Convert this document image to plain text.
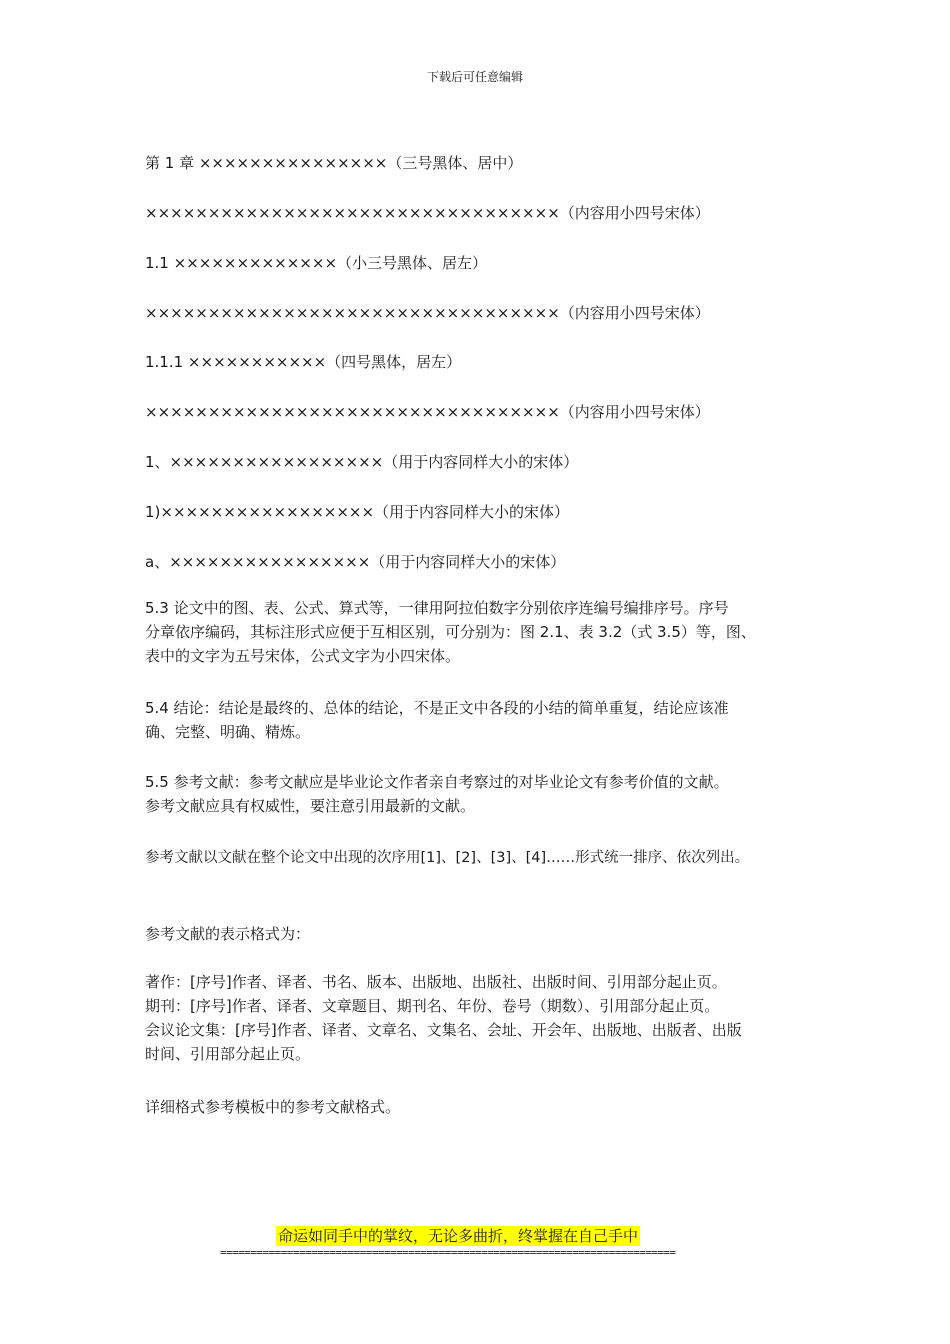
下载后可任意编辑
第 1 章 ×××××××××××××××（三号黑体、居中）
×××××××××××××××××××××××××××××××××（内容用小四号宋体）
1.1 ×××××××××××××（小三号黑体、居左）
×××××××××××××××××××××××××××××××××（内容用小四号宋体）
1.1.1 ×××××××××××（四号黑体，居左）
×××××××××××××××××××××××××××××××××（内容用小四号宋体）
1、×××××××××××××××××（用于内容同样大小的宋体）
1)×××××××××××××××××（用于内容同样大小的宋体）
a、××××××××××××××××（用于内容同样大小的宋体）
5.3 论文中的图、表、公式、算式等，一律用阿拉伯数字分别依序连编号编排序号。序号
分章依序编码，其标注形式应便于互相区别，可分别为：图 2.1、表 3.2（式 3.5）等，图、
表中的文字为五号宋体，公式文字为小四宋体。
5.4 结论：结论是最终的、总体的结论，不是正文中各段的小结的简单重复，结论应该准
确、完整、明确、精炼。
5.5 参考文献：参考文献应是毕业论文作者亲自考察过的对毕业论文有参考价值的文献。
参考文献应具有权威性，要注意引用最新的文献。
参考文献以文献在整个论文中出现的次序用[1]、[2]、[3]、[4]……形式统一排序、依次列出。
参考文献的表示格式为：
著作：[序号]作者、译者、书名、版本、出版地、出版社、出版时间、引用部分起止页。
期刊：[序号]作者、译者、文章题目、期刊名、年份、卷号（期数）、引用部分起止页。
会议论文集：[序号]作者、译者、文章名、文集名、会址、开会年、出版地、出版者、出版
时间、引用部分起止页。
详细格式参考模板中的参考文献格式。
命运如同手中的掌纹，无论多曲折，终掌握在自己手中
===========================================================================
